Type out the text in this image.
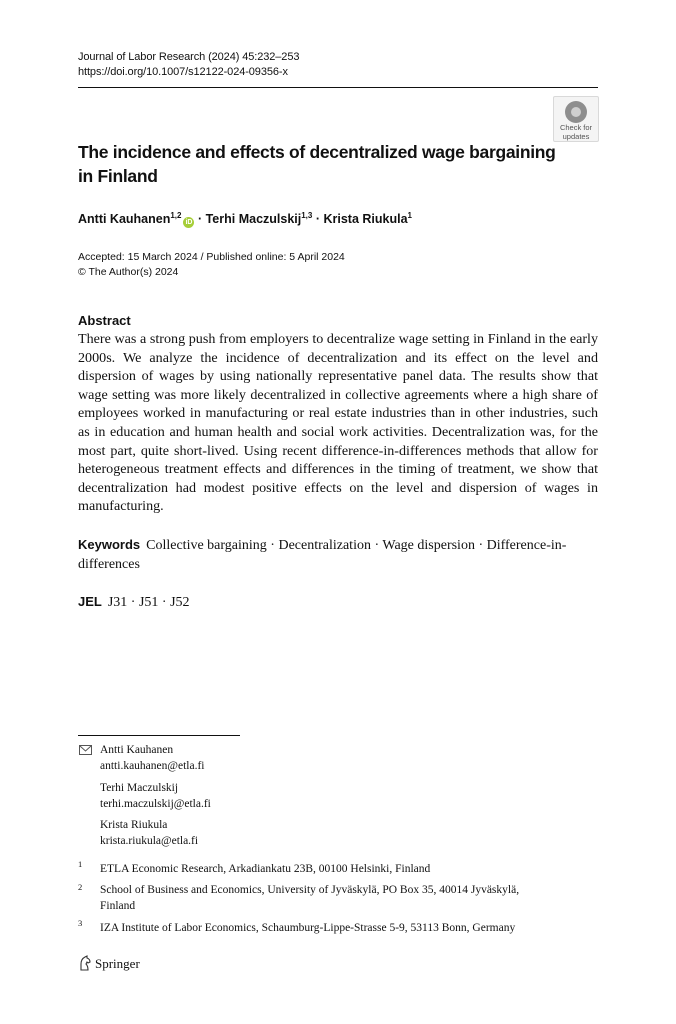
Journal of Labor Research (2024) 45:232–253
https://doi.org/10.1007/s12122-024-09356-x
Check for
updates
The incidence and effects of decentralized wage bargaining in Finland
Antti Kauhanen$^{1,2}$iD · Terhi Maczulskij$^{1,3}$ · Krista Riukula$^1$
Accepted: 15 March 2024 / Published online: 5 April 2024
© The Author(s) 2024
Abstract

There was a strong push from employers to decentralize wage setting in Finland in the early 2000s. We analyze the incidence of decentralization and its effect on the level and dispersion of wages by using nationally representative panel data. The results show that wage setting was more likely decentralized in collective agreements where a high share of employees worked in manufacturing or real estate industries than in other industries, such as in education and human health and social work activities. Decentralization was, for the most part, quite short-lived. Using recent difference-in-differences methods that allow for heterogeneous treatment effects and differences in the timing of treatment, we show that decentralization had modest positive effects on the level and dispersion of wages in manufacturing.

Keywords Collective bargaining · Decentralization · Wage dispersion · Difference-in-differences
JEL J31 · J51 · J52
Antti Kauhanen
antti.kauhanen@etla.fi
Terhi Maczulskij
terhi.maczulskij@etla.fi
Krista Riukula
krista.riukula@etla.fi
1 ETLA Economic Research, Arkadiankatu 23B, 00100 Helsinki, Finland
2 School of Business and Economics, University of Jyväskylä, PO Box 35, 40014 Jyväskylä, Finland
3 IZA Institute of Labor Economics, Schaumburg-Lippe-Strasse 5-9, 53113 Bonn, Germany
Springer
